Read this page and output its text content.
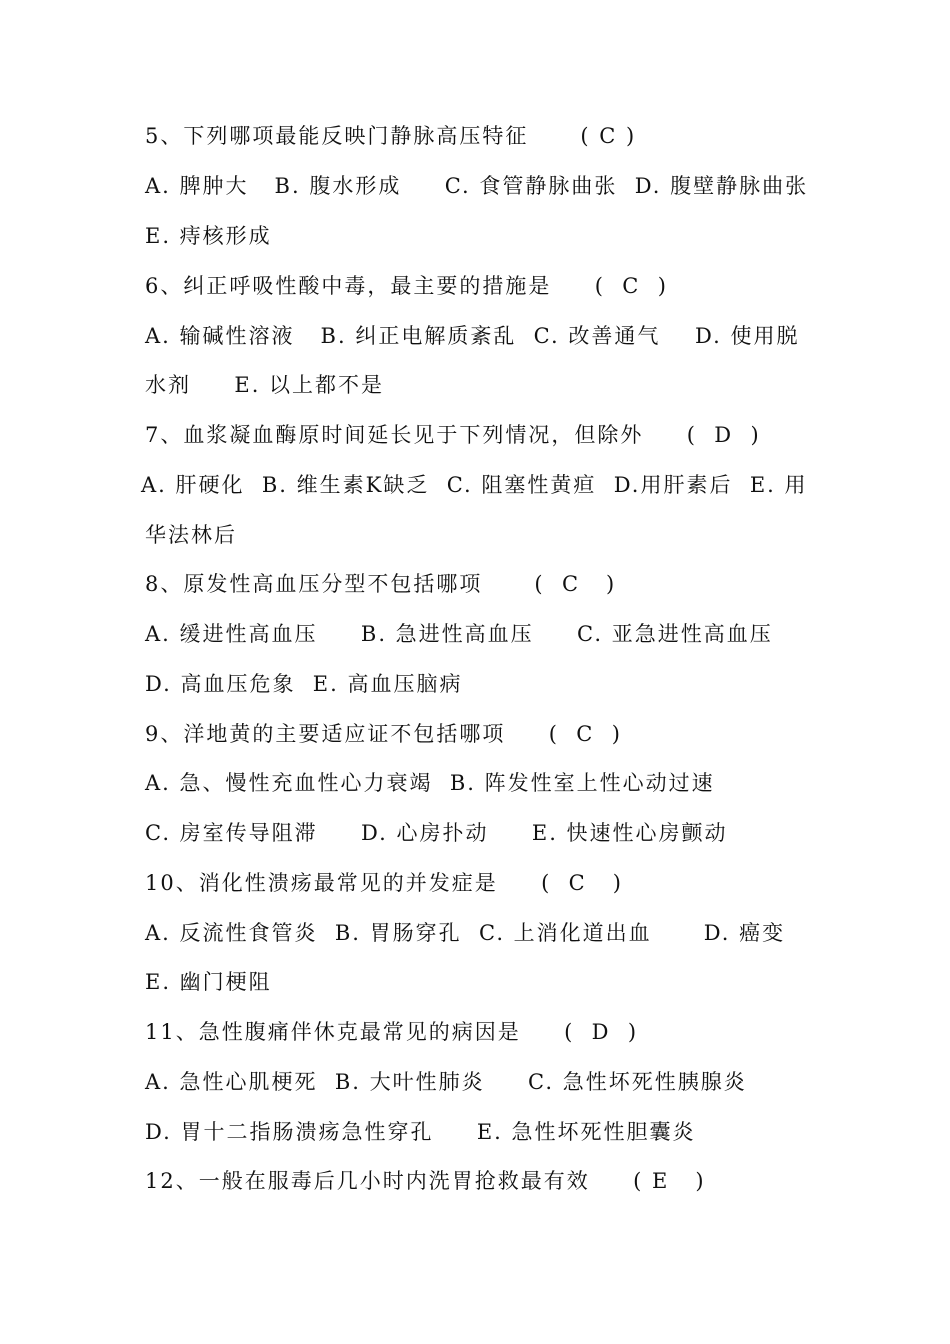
5、下列哪项最能反映门静脉高压特征      ( C )
A. 脾肿大   B. 腹水形成     C. 食管静脉曲张  D. 腹壁静脉曲张
E. 痔核形成
6、纠正呼吸性酸中毒，最主要的措施是     (  C  )
A. 输碱性溶液   B. 纠正电解质紊乱  C. 改善通气    D. 使用脱
水剂     E. 以上都不是
7、血浆凝血酶原时间延长见于下列情况，但除外     (  D  )
A. 肝硬化  B. 维生素K缺乏  C. 阻塞性黄疸  D.用肝素后  E. 用
华法林后
8、原发性高血压分型不包括哪项      (  C   )
A. 缓进性高血压     B. 急进性高血压     C. 亚急进性高血压
D. 高血压危象  E. 高血压脑病
9、洋地黄的主要适应证不包括哪项     (  C  )
A. 急、慢性充血性心力衰竭  B. 阵发性室上性心动过速
C. 房室传导阻滞     D. 心房扑动     E. 快速性心房颤动
10、消化性溃疡最常见的并发症是     (  C   )
A. 反流性食管炎  B. 胃肠穿孔  C. 上消化道出血      D. 癌变
E. 幽门梗阻
11、急性腹痛伴休克最常见的病因是     (  D  )
A. 急性心肌梗死  B. 大叶性肺炎     C. 急性坏死性胰腺炎
D. 胃十二指肠溃疡急性穿孔     E. 急性坏死性胆囊炎
12、一般在服毒后几小时内洗胃抢救最有效     ( E   )
